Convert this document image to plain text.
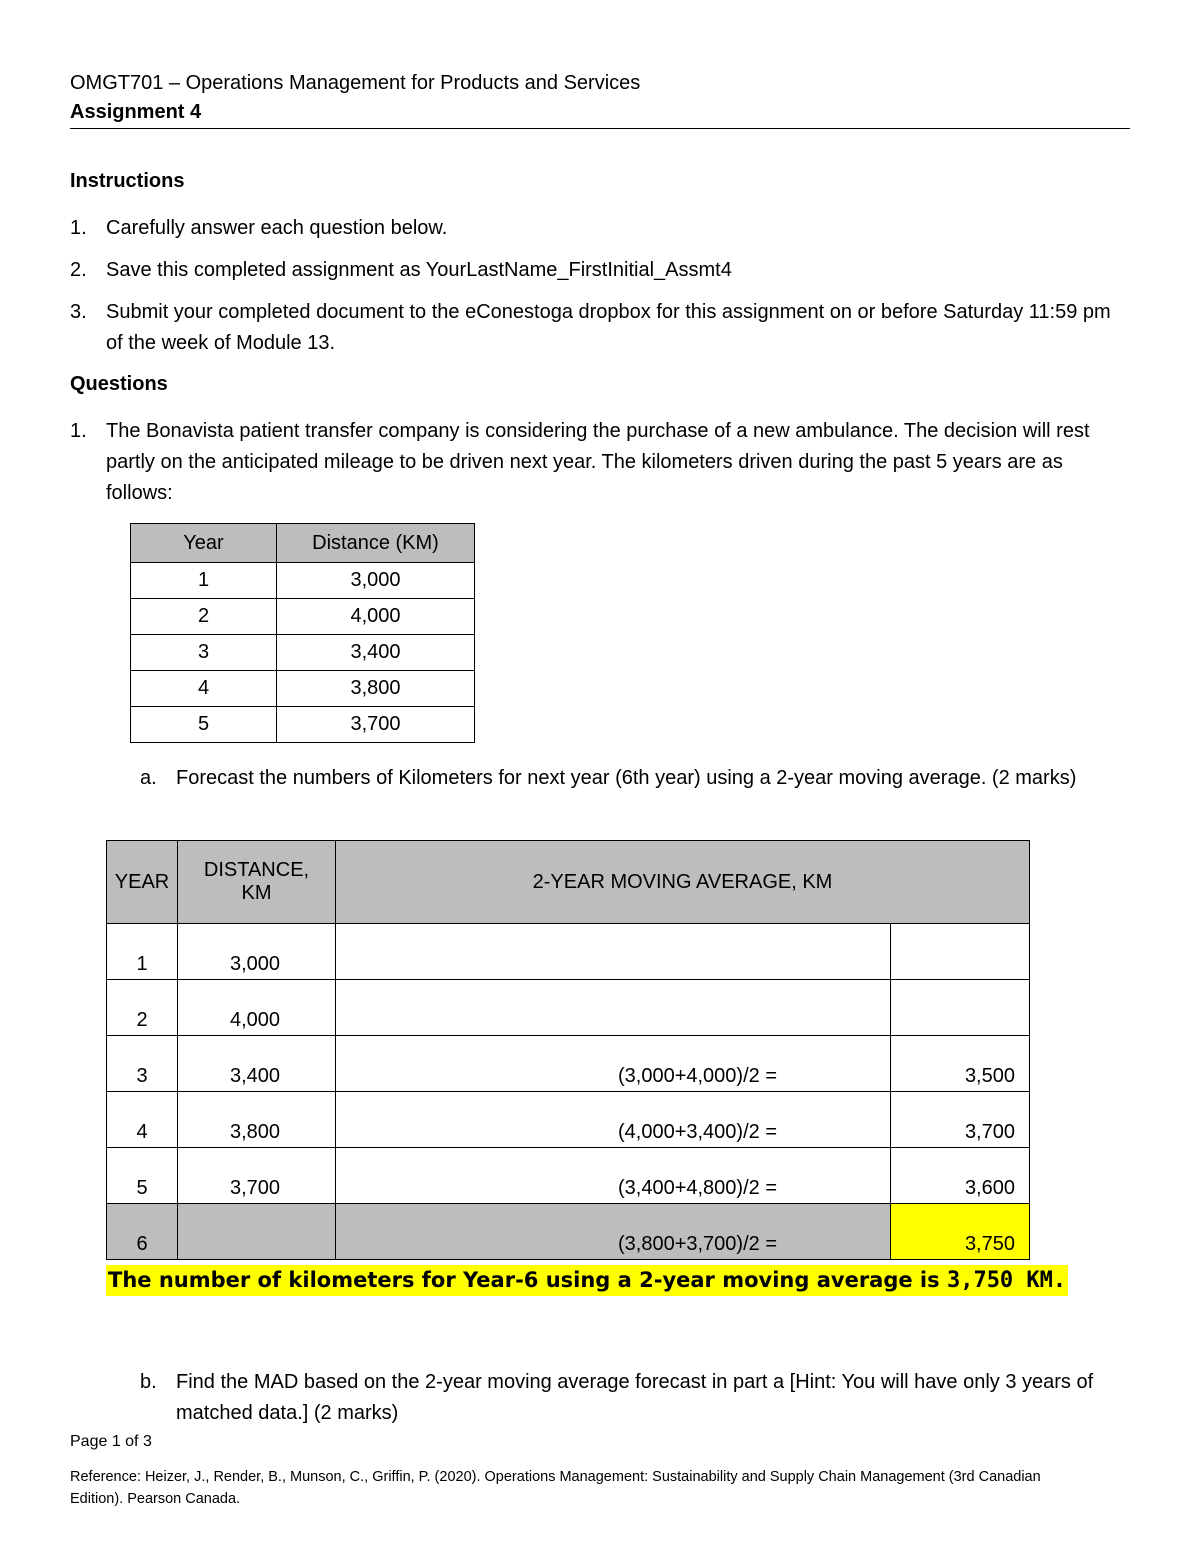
OMGT701 – Operations Management for Products and Services
Assignment 4
Instructions
1. Carefully answer each question below.
2. Save this completed assignment as YourLastName_FirstInitial_Assmt4
3. Submit your completed document to the eConestoga dropbox for this assignment on or before Saturday 11:59 pm of the week of Module 13.
Questions
1. The Bonavista patient transfer company is considering the purchase of a new ambulance. The decision will rest partly on the anticipated mileage to be driven next year. The kilometers driven during the past 5 years are as follows:
Year	Distance (KM)
1	3,000
2	4,000
3	3,400
4	3,800
5	3,700
a. Forecast the numbers of Kilometers for next year (6th year) using a 2-year moving average. (2 marks)
YEAR	DISTANCE, KM	2-YEAR MOVING AVERAGE, KM	
1	3,000		
2	4,000		
3	3,400	(3,000+4,000)/2 =	3,500
4	3,800	(4,000+3,400)/2 =	3,700
5	3,700	(3,400+4,800)/2 =	3,600
6		(3,800+3,700)/2 =	3,750
The number of kilometers for Year-6 using a 2-year moving average is 3,750 KM.
b. Find the MAD based on the 2-year moving average forecast in part a [Hint: You will have only 3 years of matched data.] (2 marks)
Page 1 of 3
Reference: Heizer, J., Render, B., Munson, C., Griffin, P. (2020). Operations Management: Sustainability and Supply Chain Management (3rd Canadian Edition). Pearson Canada.
